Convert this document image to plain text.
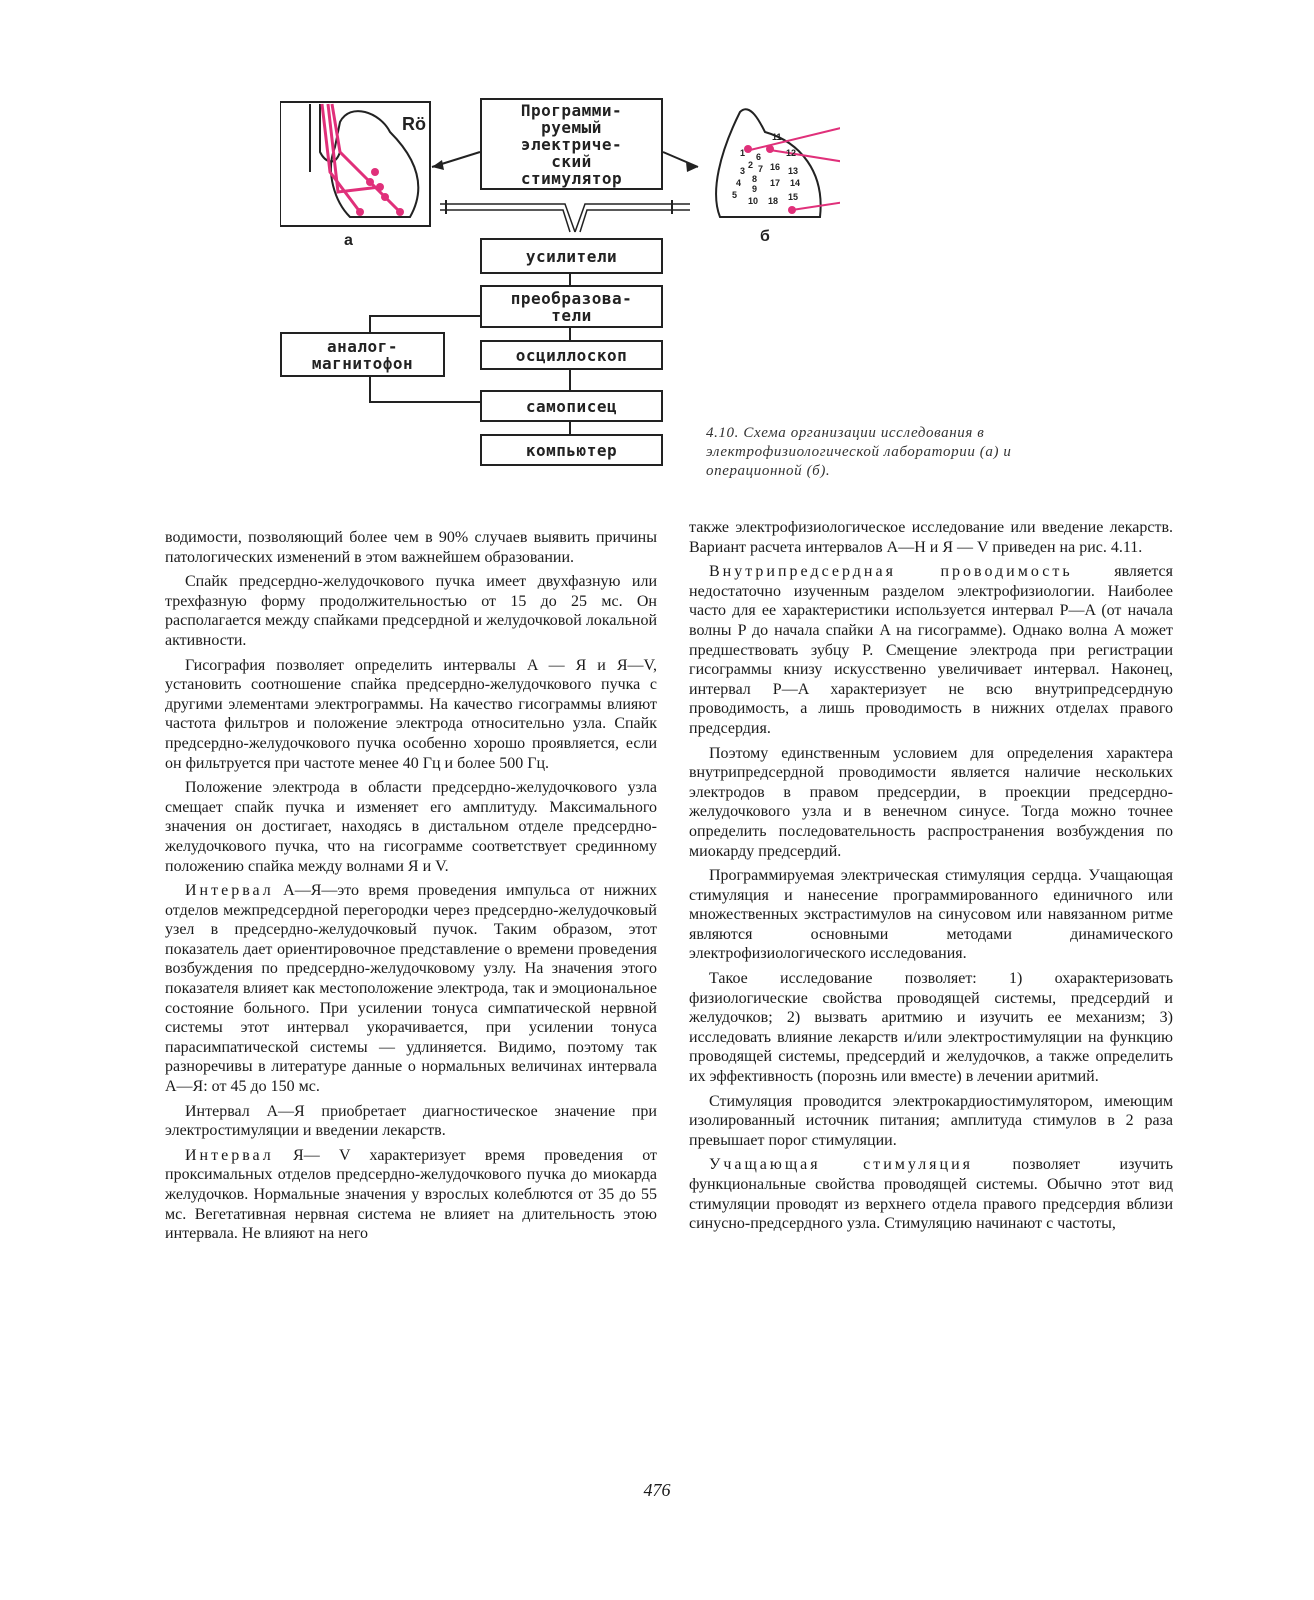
Rö
Программи-
руемый
электриче-
ский
стимулятор
усилители
преобразова-
тели
осциллоскоп
аналог-
магнитофон
самописец
компьютер
а	б
11
1
2
6	12
7
3
8
16 13
4
9
17 14
5
10 18 15
4.10. Схема организации исследования в электрофизиологической лаборатории (а) и операционной (б).

водимости, позволяющий более чем в 90% случаев выявить причины патологических изменений в этом важнейшем образовании.

Спайк предсердно-желудочкового пучка имеет двухфазную или трехфазную форму продолжительностью от 15 до 25 мс. Он располагается между спайками предсердной и желудочковой локальной активности.

Гисография позволяет определить интервалы A — Я и Я—V, установить соотношение спайка предсердно-желудочкового пучка с другими элементами электрограммы. На качество гисограммы влияют частота фильтров и положение электрода относительно узла. Спайк предсердно-желудочкового пучка особенно хорошо проявляется, если он фильтруется при частоте менее 40 Гц и более 500 Гц.

Положение электрода в области предсердно-желудочкового узла смещает спайк пучка и изменяет его амплитуду. Максимального значения он достигает, находясь в дистальном отделе предсердно-желудочкового пучка, что на гисограмме соответствует срединному положению спайка между волнами Я и V.

Интервал A—Я—это время проведения импульса от нижних отделов межпредсердной перегородки через предсердно-желудочковый узел в предсердно-желудочковый пучок. Таким образом, этот показатель дает ориентировочное представление о времени проведения возбуждения по предсердно-желудочковому узлу. На значения этого показателя влияет как местоположение электрода, так и эмоциональное состояние больного. При усилении тонуса симпатической нервной системы этот интервал укорачивается, при усилении тонуса парасимпатической системы — удлиняется. Видимо, поэтому так разноречивы в литературе данные о нормальных величинах интервала A—Я: от 45 до 150 мс.

Интервал A—Я приобретает диагностическое значение при электростимуляции и введении лекарств.

Интервал Я— V характеризует время проведения от проксимальных отделов предсердно-желудочкового пучка до миокарда желудочков. Нормальные значения у взрослых колеблются от 35 до 55 мс. Вегетативная нервная система не влияет на длительность этою интервала. Не влияют на него

также электрофизиологическое исследование или введение лекарств. Вариант расчета интервалов A—H и Я — V приведен на рис. 4.11.

Внутрипредсердная проводимость является недостаточно изученным разделом электрофизиологии. Наиболее часто для ее характеристики используется интервал P—A (от начала волны P до начала спайки A на гисограмме). Однако волна A может предшествовать зубцу P. Смещение электрода при регистрации гисограммы книзу искусственно увеличивает интервал. Наконец, интервал P—A характеризует не всю внутрипредсердную проводимость, а лишь проводимость в нижних отделах правого предсердия.

Поэтому единственным условием для определения характера внутрипредсердной проводимости является наличие нескольких электродов в правом предсердии, в проекции предсердно-желудочкового узла и в венечном синусе. Тогда можно точнее определить последовательность распространения возбуждения по миокарду предсердий.

Программируемая электрическая стимуляция сердца. Учащающая стимуляция и нанесение программированного единичного или множественных экстрастимулов на синусовом или навязанном ритме являются основными методами динамического электрофизиологического исследования.

Такое исследование позволяет: 1) охарактеризовать физиологические свойства проводящей системы, предсердий и желудочков; 2) вызвать аритмию и изучить ее механизм; 3) исследовать влияние лекарств и/или электростимуляции на функцию проводящей системы, предсердий и желудочков, а также определить их эффективность (порознь или вместе) в лечении аритмий.

Стимуляция проводится электрокардиостимулятором, имеющим изолированный источник питания; амплитуда стимулов в 2 раза превышает порог стимуляции.

Учащающая стимуляция позволяет изучить функциональные свойства проводящей системы. Обычно этот вид стимуляции проводят из верхнего отдела правого предсердия вблизи синусно-предсердного узла. Стимуляцию начинают с частоты,

476
